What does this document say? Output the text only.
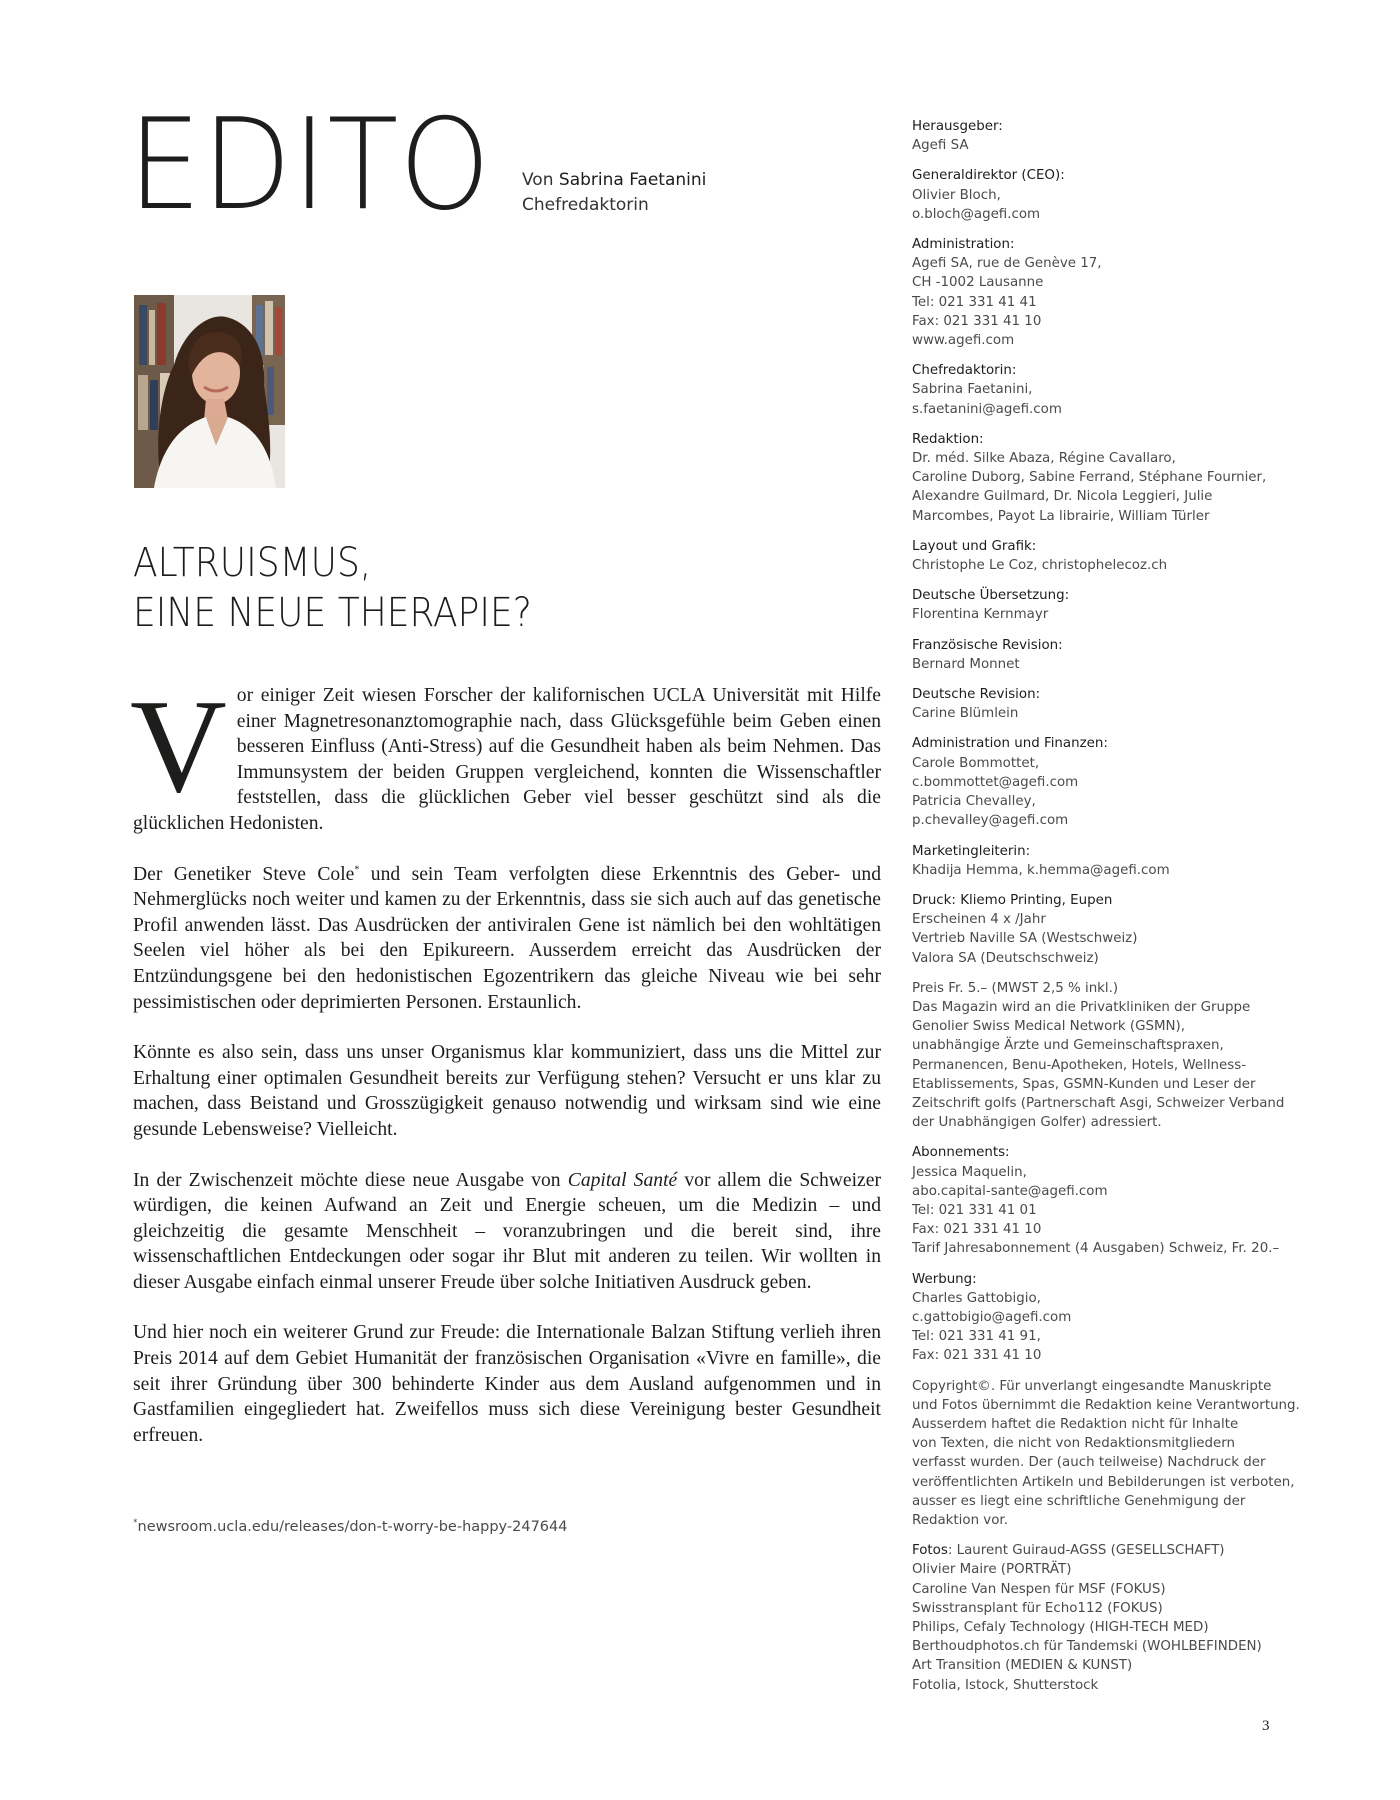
EDITO Von Sabrina Faetanini
Chefredaktorin
ALTRUISMUS,
EINE NEUE THERAPIE?

Vor einiger Zeit wiesen Forscher der kalifornischen UCLA Universität mit Hilfe einer Magnetresonanztomographie nach, dass Glücksgefühle beim Geben einen besseren Einfluss (Anti-Stress) auf die Gesundheit haben als beim Nehmen. Das Immunsystem der beiden Gruppen vergleichend, konnten die Wissenschaftler feststellen, dass die glücklichen Geber viel besser geschützt sind als die glücklichen Hedonisten.

Der Genetiker Steve Cole* und sein Team verfolgten diese Erkenntnis des Geber- und Nehmerglücks noch weiter und kamen zu der Erkenntnis, dass sie sich auch auf das genetische Profil anwenden lässt. Das Ausdrücken der antiviralen Gene ist nämlich bei den wohltätigen Seelen viel höher als bei den Epikureern. Ausserdem erreicht das Ausdrücken der Entzündungsgene bei den hedonistischen Egozentrikern das gleiche Niveau wie bei sehr pessimistischen oder deprimierten Personen. Erstaunlich.

Könnte es also sein, dass uns unser Organismus klar kommuniziert, dass uns die Mittel zur Erhaltung einer optimalen Gesundheit bereits zur Verfügung stehen? Versucht er uns klar zu machen, dass Beistand und Grosszügigkeit genauso notwendig und wirksam sind wie eine gesunde Lebensweise? Vielleicht.

In der Zwischenzeit möchte diese neue Ausgabe von Capital Santé vor allem die Schweizer würdigen, die keinen Aufwand an Zeit und Energie scheuen, um die Medizin – und gleichzeitig die gesamte Menschheit – voranzubringen und die bereit sind, ihre wissenschaftlichen Entdeckungen oder sogar ihr Blut mit anderen zu teilen. Wir wollten in dieser Ausgabe einfach einmal unserer Freude über solche Initiativen Ausdruck geben.

Und hier noch ein weiterer Grund zur Freude: die Internationale Balzan Stiftung verlieh ihren Preis 2014 auf dem Gebiet Humanität der französischen Organisation «Vivre en famille», die seit ihrer Gründung über 300 behinderte Kinder aus dem Ausland aufgenommen und in Gastfamilien eingegliedert hat. Zweifellos muss sich diese Vereinigung bester Gesundheit erfreuen.

*newsroom.ucla.edu/releases/don-t-worry-be-happy-247644
Herausgeber:
Agefi SA
Generaldirektor (CEO):
Olivier Bloch,
o.bloch@agefi.com
Administration:
Agefi SA, rue de Genève 17,
CH -1002 Lausanne
Tel: 021 331 41 41
Fax: 021 331 41 10
www.agefi.com
Chefredaktorin:
Sabrina Faetanini,
s.faetanini@agefi.com
Redaktion:
Dr. méd. Silke Abaza, Régine Cavallaro,
Caroline Duborg, Sabine Ferrand, Stéphane Fournier,
Alexandre Guilmard, Dr. Nicola Leggieri, Julie
Marcombes, Payot La librairie, William Türler
Layout und Grafik:
Christophe Le Coz, christophelecoz.ch
Deutsche Übersetzung:
Florentina Kernmayr
Französische Revision:
Bernard Monnet
Deutsche Revision:
Carine Blümlein
Administration und Finanzen:
Carole Bommottet,
c.bommottet@agefi.com
Patricia Chevalley,
p.chevalley@agefi.com
Marketingleiterin:
Khadija Hemma, k.hemma@agefi.com
Druck: Kliemo Printing, Eupen
Erscheinen 4 x /Jahr
Vertrieb Naville SA (Westschweiz)
Valora SA (Deutschschweiz)
Preis Fr. 5.– (MWST 2,5 % inkl.)
Das Magazin wird an die Privatkliniken der Gruppe
Genolier Swiss Medical Network (GSMN),
unabhängige Ärzte und Gemeinschaftspraxen,
Permanencen, Benu-Apotheken, Hotels, Wellness-
Etablissements, Spas, GSMN-Kunden und Leser der
Zeitschrift golfs (Partnerschaft Asgi, Schweizer Verband
der Unabhängigen Golfer) adressiert.
Abonnements:
Jessica Maquelin,
abo.capital-sante@agefi.com
Tel: 021 331 41 01
Fax: 021 331 41 10
Tarif Jahresabonnement (4 Ausgaben) Schweiz, Fr. 20.–
Werbung:
Charles Gattobigio,
c.gattobigio@agefi.com
Tel: 021 331 41 91,
Fax: 021 331 41 10
Copyright©. Für unverlangt eingesandte Manuskripte
und Fotos übernimmt die Redaktion keine Verantwortung.
Ausserdem haftet die Redaktion nicht für Inhalte
von Texten, die nicht von Redaktionsmitgliedern
verfasst wurden. Der (auch teilweise) Nachdruck der
veröffentlichten Artikeln und Bebilderungen ist verboten,
ausser es liegt eine schriftliche Genehmigung der
Redaktion vor.
Fotos: Laurent Guiraud-AGSS (GESELLSCHAFT)
Olivier Maire (PORTRÄT)
Caroline Van Nespen für MSF (FOKUS)
Swisstransplant für Echo112 (FOKUS)
Philips, Cefaly Technology (HIGH-TECH MED)
Berthoudphotos.ch für Tandemski (WOHLBEFINDEN)
Art Transition (MEDIEN & KUNST)
Fotolia, Istock, Shutterstock
3
